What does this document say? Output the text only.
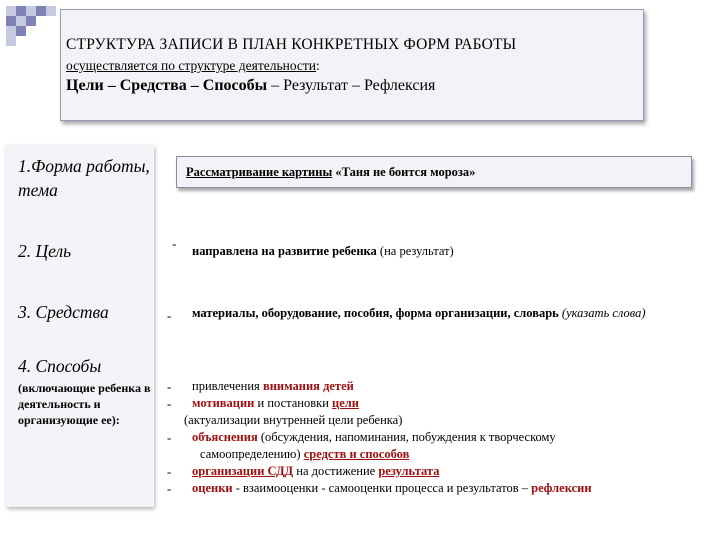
СТРУКТУРА ЗАПИСИ В ПЛАН КОНКРЕТНЫХ ФОРМ РАБОТЫ
осуществляется по структуре деятельности:
Цели – Средства – Способы – Результат – Рефлексия
1.Форма работы, тема
2. Цель
3. Средства
4. Способы
(включающие ребенка в деятельность и организующие ее):
Рассматривание картины «Таня не боится мороза»
- направлена на развитие ребенка (на результат)
- материалы, оборудование, пособия, форма организации, словарь (указать слова)
- привлечения внимания детей
- мотивации и постановки цели
(актуализации внутренней цели ребенка)
- объяснения (обсуждения, напоминания, побуждения к творческому
самоопределению) средств и способов
- организации СДД на достижение результата
- оценки - взаимооценки - самооценки процесса и результатов – рефлексии
